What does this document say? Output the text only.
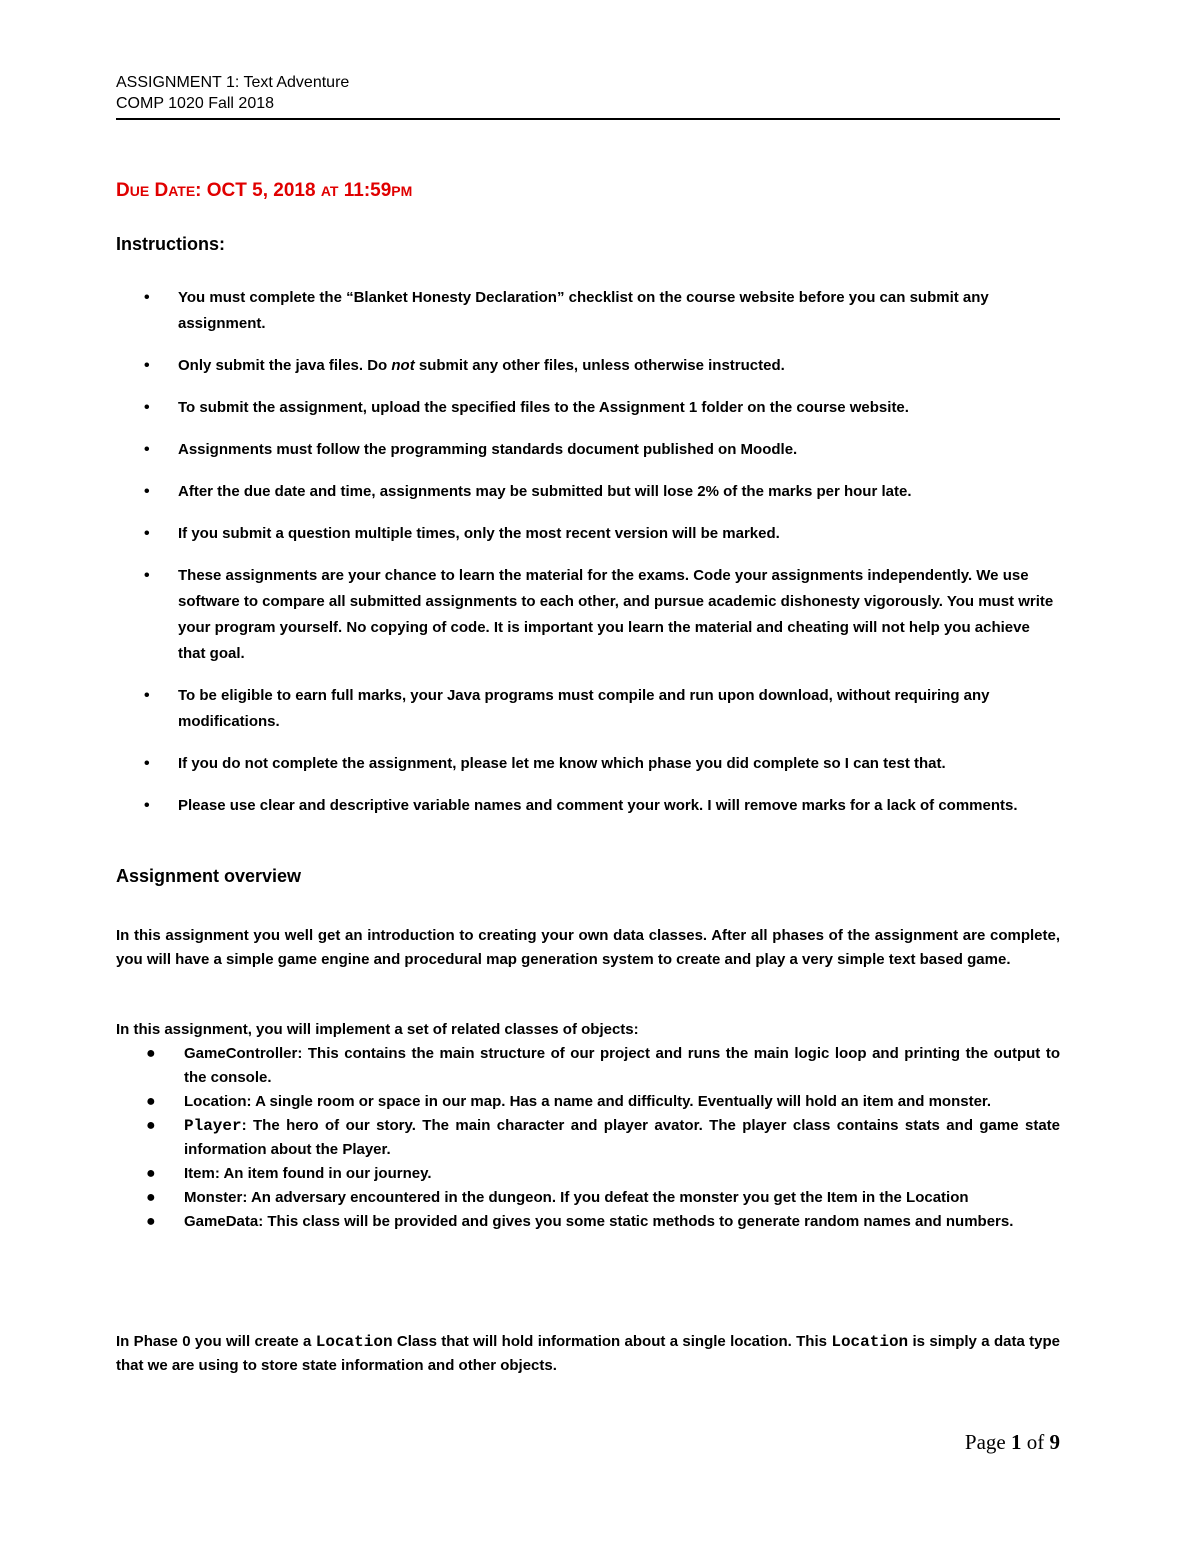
ASSIGNMENT 1: Text Adventure
COMP 1020 Fall 2018
DUE DATE: OCT 5, 2018 AT 11:59PM
Instructions:
• You must complete the “Blanket Honesty Declaration” checklist on the course website before you can submit any assignment.
• Only submit the java files. Do not submit any other files, unless otherwise instructed.
• To submit the assignment, upload the specified files to the Assignment 1 folder on the course website.
• Assignments must follow the programming standards document published on Moodle.
• After the due date and time, assignments may be submitted but will lose 2% of the marks per hour late.
• If you submit a question multiple times, only the most recent version will be marked.
• These assignments are your chance to learn the material for the exams. Code your assignments independently. We use software to compare all submitted assignments to each other, and pursue academic dishonesty vigorously. You must write your program yourself. No copying of code. It is important you learn the material and cheating will not help you achieve that goal.
• To be eligible to earn full marks, your Java programs must compile and run upon download, without requiring any modifications.
• If you do not complete the assignment, please let me know which phase you did complete so I can test that.
• Please use clear and descriptive variable names and comment your work. I will remove marks for a lack of comments.
Assignment overview
In this assignment you well get an introduction to creating your own data classes. After all phases of the assignment are complete, you will have a simple game engine and procedural map generation system to create and play a very simple text based game.
In this assignment, you will implement a set of related classes of objects:
● GameController: This contains the main structure of our project and runs the main logic loop and printing the output to the console.
● Location: A single room or space in our map. Has a name and difficulty. Eventually will hold an item and monster.
● Player: The hero of our story. The main character and player avator. The player class contains stats and game state information about the Player.
● Item: An item found in our journey.
● Monster: An adversary encountered in the dungeon. If you defeat the monster you get the Item in the Location
● GameData: This class will be provided and gives you some static methods to generate random names and numbers.
In Phase 0 you will create a Location Class that will hold information about a single location. This Location is simply a data type that we are using to store state information and other objects.
Page 1 of 9
